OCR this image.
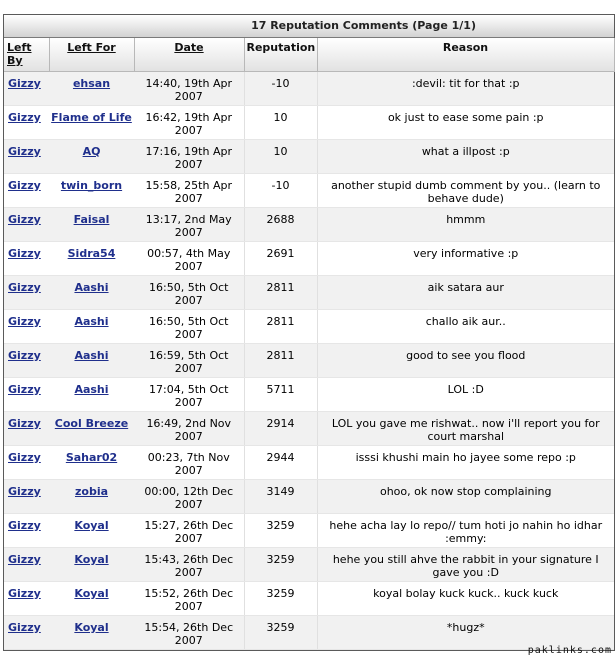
17 Reputation Comments (Page 1/1)
Left By	Left For	Date	Reputation	Reason
Gizzy	ehsan	14:40, 19th Apr 2007	-10	:devil: tit for that :p
Gizzy	Flame of Life	16:42, 19th Apr 2007	10	ok just to ease some pain :p
Gizzy	AQ	17:16, 19th Apr 2007	10	what a illpost :p
Gizzy	twin_born	15:58, 25th Apr 2007	-10	another stupid dumb comment by you.. (learn to behave dude)
Gizzy	Faisal	13:17, 2nd May 2007	2688	hmmm
Gizzy	Sidra54	00:57, 4th May 2007	2691	very informative :p
Gizzy	Aashi	16:50, 5th Oct 2007	2811	aik satara aur
Gizzy	Aashi	16:50, 5th Oct 2007	2811	challo aik aur..
Gizzy	Aashi	16:59, 5th Oct 2007	2811	good to see you flood
Gizzy	Aashi	17:04, 5th Oct 2007	5711	LOL :D
Gizzy	Cool Breeze	16:49, 2nd Nov 2007	2914	LOL you gave me rishwat.. now i'll report you for court marshal
Gizzy	Sahar02	00:23, 7th Nov 2007	2944	isssi khushi main ho jayee some repo :p
Gizzy	zobia	00:00, 12th Dec 2007	3149	ohoo, ok now stop complaining
Gizzy	Koyal	15:27, 26th Dec 2007	3259	hehe acha lay lo repo// tum hoti jo nahin ho idhar :emmy:
Gizzy	Koyal	15:43, 26th Dec 2007	3259	hehe you still ahve the rabbit in your signature I gave you :D
Gizzy	Koyal	15:52, 26th Dec 2007	3259	koyal bolay kuck kuck.. kuck kuck
Gizzy	Koyal	15:54, 26th Dec 2007	3259	*hugz*
paklinks.com
